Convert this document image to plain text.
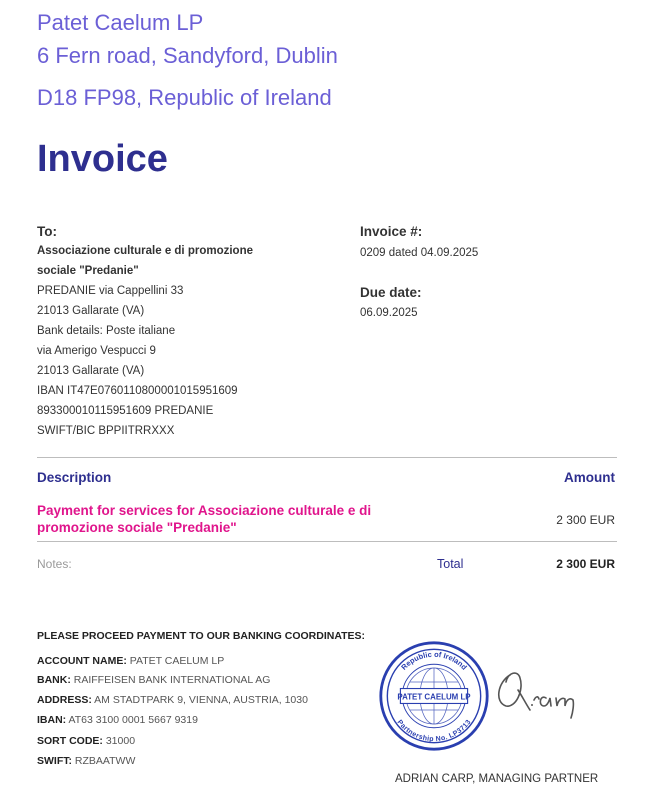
Patet Caelum LP
6 Fern road, Sandyford, Dublin
D18 FP98, Republic of Ireland
Invoice
To:
Associazione culturale e di promozione
sociale "Predanie"
PREDANIE via Cappellini 33
21013 Gallarate (VA)
Bank details: Poste italiane
via Amerigo Vespucci 9
21013 Gallarate (VA)
IBAN IT47E0760110800001015951609
893300010115951609 PREDANIE
SWIFT/BIC BPPIITRRXXX
Invoice #:
0209 dated 04.09.2025
Due date:
06.09.2025
Description	Amount
Payment for services for Associazione culturale e di promozione sociale "Predanie"	2 300 EUR
Notes:	Total	2 300 EUR
PLEASE PROCEED PAYMENT TO OUR BANKING COORDINATES:
ACCOUNT NAME: PATET CAELUM LP
BANK: RAIFFEISEN BANK INTERNATIONAL AG
ADDRESS: AM STADTPARK 9, VIENNA, AUSTRIA, 1030
IBAN: AT63 3100 0001 5667 9319
SORT CODE: 31000
SWIFT: RZBAATWW
PATET CAELUM LP
Republic of Ireland
Partnership No. LP3713
ADRIAN CARP, MANAGING PARTNER
